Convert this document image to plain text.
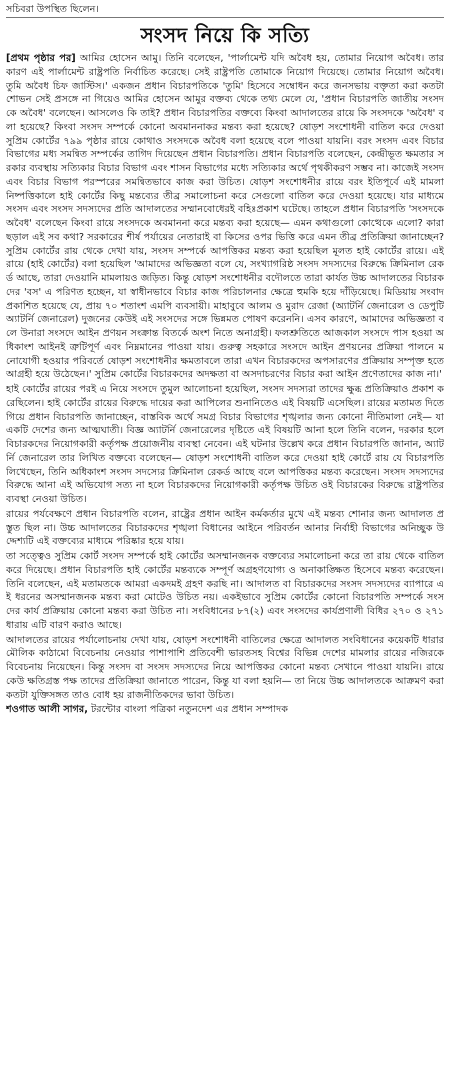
সচিবরা উপস্থিত ছিলেন।
সংসদ নিয়ে কি সত্যি

[প্রথম পৃষ্ঠার পর] আমির হোসেন আমু। তিনি বলেছেন, 'পার্লামেন্ট যদি অবৈধ হয়, তোমার নিয়োগ অবৈধ। তার কারণ এই পার্লামেন্ট রাষ্ট্রপতি নির্বাচিত করেছে। সেই রাষ্ট্রপতি তোমাকে নিয়োগ দিয়েছে। তোমার নিয়োগ অবৈধ। তুমি অবৈধ চিফ জাস্টিস।' একজন প্রধান বিচারপতিকে 'তুমি' হিসেবে সম্বোধন করে জনসভায় বক্তৃতা করা কতটা শোভন সেই প্রসঙ্গে না গিয়েও আমির হোসেন আমুর বক্তব্য থেকে তথ্য মেলে যে, 'প্রধান বিচারপতি জাতীয় সংসদকে অবৈধ' বলেছেন। আসলেও কি তাই? প্রধান বিচারপতির বক্তব্যে কিংবা আদালতের রায়ে কি সংসদকে 'অবৈধ' বলা হয়েছে? কিংবা সংসদ সম্পর্কে কোনো অবমাননাকর মন্তব্য করা হয়েছে? ষোড়শ সংশোধনী বাতিল করে দেওয়া সুপ্রিম কোর্টের ৭৯৯ পৃষ্ঠার রায়ে কোথাও সংসদকে অবৈধ বলা হয়েছে বলে পাওয়া যায়নি। বরং সংসদ এবং বিচারবিভাগের মধ্য সমন্বিত সম্পর্কের তাগিদ দিয়েছেন প্রধান বিচারপতি। প্রধান বিচারপতি বলেছেন, কেন্দ্রীভূত ক্ষমতার সরকার ব্যবস্থায় সত্যিকার বিচার বিভাগ এবং শাসন বিভাগের মধ্যে সত্যিকার অর্থে পৃথকীকরণ সম্ভব না। কাজেই সংসদ এবং বিচার বিভাগ পরস্পরের সমন্বিতভাবে কাজ করা উচিত। ষোড়শ সংশোধনীর রায়ে বরং ইতিপূর্বে এই মামলা নিষ্পত্তিকালে হাই কোর্টের কিছু মন্তব্যের তীব্র সমালোচনা করে সেগুলো বাতিল করে দেওয়া হয়েছে। যার মাধ্যমে সংসদ এবং সংসদ সদস্যদের প্রতি আদালতের সম্মানবোধেরই বহিঃপ্রকাশ ঘটেছে। তাহলে প্রধান বিচারপতি 'সংসদকে অবৈধ' বলেছেন কিংবা রায়ে সংসদকে অবমাননা করে মন্তব্য করা হয়েছে— এমন কথাগুলো কোত্থেকে এলো? কারা ছড়াল এই সব কথা? সরকারের শীর্ষ পর্যায়ের নেতারাই বা কিসের ওপর ভিত্তি করে এমন তীব্র প্রতিক্রিয়া জানাচ্ছেন? সুপ্রিম কোর্টের রায় থেকে দেখা যায়, সংসদ সম্পর্কে আপত্তিকর মন্তব্য করা হয়েছিল মূলত হাই কোর্টের রায়ে। এই রায়ে (হাই কোর্টের) বলা হয়েছিল 'আমাদের অভিজ্ঞতা বলে যে, সংখ্যাগরিষ্ঠ সংসদ সদস্যদের বিরুদ্ধে ক্রিমিনাল রেকর্ড আছে, তারা দেওয়ানি মামলায়ও জড়িত। কিন্তু ষোড়শ সংশোধনীর বদৌলতে তারা কার্যত উচ্চ আদালতের বিচারকদের 'বস' এ পরিণত হচ্ছেন, যা স্বাধীনভাবে বিচার কাজ পরিচালনার ক্ষেত্রে হুমকি হয়ে দাঁড়িয়েছে। মিডিয়ায় সংবাদ প্রকাশিত হয়েছে যে, প্রায় ৭০ শতাংশ এমপি ব্যবসায়ী। মাহাবুবে আলম ও মুরাদ রেজা (অ্যাটর্নি জেনারেল ও ডেপুটি অ্যাটর্নি জেনারেল) দুজনের কেউই এই সংসদের সঙ্গে ভিন্নমত পোষণ করেননি। এসব কারণে, আমাদের অভিজ্ঞতা বলে উনারা সংসদে আইন প্রণয়ন সংক্রান্ত বিতর্কে অংশ নিতে অনাগ্রহী। ফলশ্রুতিতে আজকাল সংসদে পাস হওয়া অধিকাংশ আইনই ত্রুটিপূর্ণ এবং নিম্নমানের পাওয়া যায়। গুরুত্ব সহকারে সংসদে আইন প্রণয়নের প্রক্রিয়া পালনে মনোযোগী হওয়ার পরিবর্তে ষোড়শ সংশোধনীর ক্ষমতাবলে তারা এখন বিচারকদের অপসারণের প্রক্রিয়ায় সম্পৃক্ত হতে আগ্রহী হয়ে উঠেছেন।' সুপ্রিম কোর্টের বিচারকদের অদক্ষতা বা অসদাচরণের বিচার করা আইন প্রণেতাদের কাজ না।'

হাই কোর্টের রায়ের পরই এ নিয়ে সংসদে তুমুল আলোচনা হয়েছিল, সংসদ সদস্যরা তাদের ক্ষুব্ধ প্রতিক্রিয়াও প্রকাশ করেছিলেন। হাই কোর্টের রায়ের বিরুদ্ধে দায়ের করা আপিলের শুনানিতেও এই বিষয়টি এসেছিল। রায়ের মতামত দিতে গিয়ে প্রধান বিচারপতি জানাচ্ছেন, বাস্তবিক অর্থে সমগ্র বিচার বিভাগের শৃঙ্খলার জন্য কোনো নীতিমালা নেই— যা একটি দেশের জন্য আত্মঘাতী। বিজ্ঞ অ্যাটর্নি জেনারেলের দৃষ্টিতে এই বিষয়টি আনা হলে তিনি বলেন, দরকার হলে বিচারকদের নিয়োগকারী কর্তৃপক্ষ প্রয়োজনীয় ব্যবস্থা নেবেন। এই ঘটনার উল্লেখ করে প্রধান বিচারপতি জানান, অ্যাটর্নি জেনারেল তার লিখিত বক্তব্যে বলেছেন— ষোড়শ সংশোধনী বাতিল করে দেওয়া হাই কোর্টে রায় যে বিচারপতি লিখেছেন, তিনি অধিকাংশ সংসদ সদস্যের ক্রিমিনাল রেকর্ড আছে বলে আপত্তিকর মন্তব্য করেছেন। সংসদ সদস্যদের বিরুদ্ধে আনা এই অভিযোগ সত্য না হলে বিচারকদের নিয়োগকারী কর্তৃপক্ষ উচিত ওই বিচারকের বিরুদ্ধে রাষ্ট্রপতির ব্যবস্থা নেওয়া উচিত।

রায়ের পর্যবেক্ষণে প্রধান বিচারপতি বলেন, রাষ্ট্রের প্রধান আইন কর্মকর্তার মুখে এই মন্তব্য শোনার জন্য আদালত প্রস্তুত ছিল না। উচ্চ আদালতের বিচারকদের শৃঙ্খলা বিধানের আইনে পরিবর্তন আনার নির্বাহী বিভাগের অনিচ্ছুক উদ্দেশ্যটি এই বক্তব্যের মাধ্যমে পরিষ্কার হয়ে যায়।

তা সত্ত্বেও সুপ্রিম কোর্ট সংসদ সম্পর্কে হাই কোর্টের অসম্মানজনক বক্তব্যের সমালোচনা করে তা রায় থেকে বাতিল করে দিয়েছে। প্রধান বিচারপতি হাই কোর্টের মন্তব্যকে সম্পূর্ণ অগ্রহণযোগ্য ও অনাকাঙ্ক্ষিত হিসেবে মন্তব্য করেছেন। তিনি বলেছেন, এই মতামতকে আমরা একদমই গ্রহণ করছি না। আদালত বা বিচারকদের সংসদ সদস্যদের ব্যাপারে এই ধরনের অসম্মানজনক মন্তব্য করা মোটেও উচিত নয়। একইভাবে সুপ্রিম কোর্টের কোনো বিচারপতি সম্পর্কে সংসদের কার্য প্রক্রিয়ায় কোনো মন্তব্য করা উচিত না। সংবিধানের ৮৭(২) এবং সংসদের কার্যপ্রণালী বিধির ২৭০ ও ২৭১ ধারায় এটি বারণ করাও আছে।

আদালতের রায়ের পর্যালোচনায় দেখা যায়, ষোড়শ সংশোধনী বাতিলের ক্ষেত্রে আদালত সংবিধানের কয়েকটি ধারার মৌলিক কাঠামো বিবেচনায় নেওয়ার পাশাপাশি প্রতিবেশী ভারতসহ বিশ্বের বিভিন্ন দেশের মামলার রায়ের নজিরকে বিবেচনায় নিয়েছেন। কিন্তু সংসদ বা সংসদ সদস্যদের নিয়ে আপত্তিকর কোনো মন্তব্য সেখানে পাওয়া যায়নি। রায়ে কেউ ক্ষতিগ্রস্ত পক্ষ তাদের প্রতিক্রিয়া জানাতে পারেন, কিন্তু যা বলা হয়নি— তা নিয়ে উচ্চ আদালতকে আক্রমণ করা কতটা যুক্তিসঙ্গত তাও বোধ হয় রাজনীতিকদের ভাবা উচিত।

শওগাত আলী সাগর, টরন্টোর বাংলা পত্রিকা নতুনদেশ এর প্রধান সম্পাদক
